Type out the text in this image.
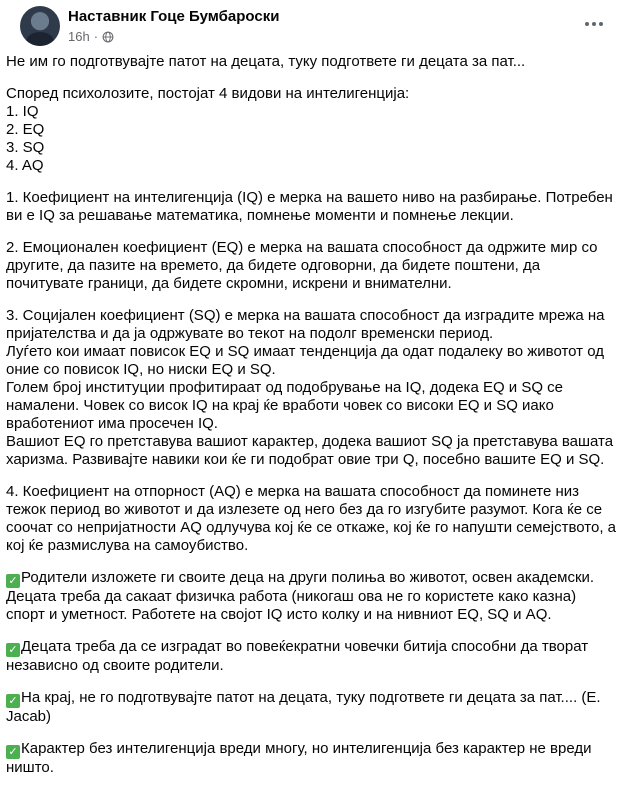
Наставник Гоце Бумбароски
16h ·
Не им го подготвувајте патот на децата, туку подгответе ги децата за пат...
Според психолозите, постојат 4 видови на интелигенција:
1. IQ
2. EQ
3. SQ
4. AQ
1. Коефициент на интелигенција (IQ) е мерка на вашето ниво на разбирање. Потребен ви е IQ за решавање математика, помнење моменти и помнење лекции.
2. Емоционален коефициент (EQ) е мерка на вашата способност да одржите мир со другите, да пазите на времето, да бидете одговорни, да бидете поштени, да почитувате граници, да бидете скромни, искрени и внимателни.
3. Социјален коефициент (SQ) е мерка на вашата способност да изградите мрежа на пријателства и да ја одржувате во текот на подолг временски период.
Луѓето кои имаат повисок EQ и SQ имаат тенденција да одат подалеку во животот од оние со повисок IQ, но ниски EQ и SQ.
Голем број институции профитираат од подобрување на IQ, додека EQ и SQ се намалени. Човек со висок IQ на крај ќе вработи човек со високи EQ и SQ иако вработениот има просечен IQ.
Вашиот EQ го претставува вашиот карактер, додека вашиот SQ ја претставува вашата харизма. Развивајте навики кои ќе ги подобрат овие три Q, посебно вашите EQ и SQ.
4. Коефициент на отпорност (AQ) е мерка на вашата способност да поминете низ тежок период во животот и да излезете од него без да го изгубите разумот. Кога ќе се соочат со непријатности AQ одлучува кој ќе се откаже, кој ќе го напушти семејството, а кој ќе размислува на самоубиство.
✓ Родители изложете ги своите деца на други полиња во животот, освен академски. Децата треба да сакаат физичка работа (никогаш ова не го користете како казна) спорт и уметност. Работете на својот IQ исто колку и на нивниот EQ, SQ и AQ.
✓ Децата треба да се изградат во повеќекратни човечки битија способни да творат независно од своите родители.
✓ На крај, не го подготвувајте патот на децата, туку подгответе ги децата за пат.... (E. Jacab)
✓ Карактер без интелигенција вреди многу, но интелигенција без карактер не вреди ништо.
